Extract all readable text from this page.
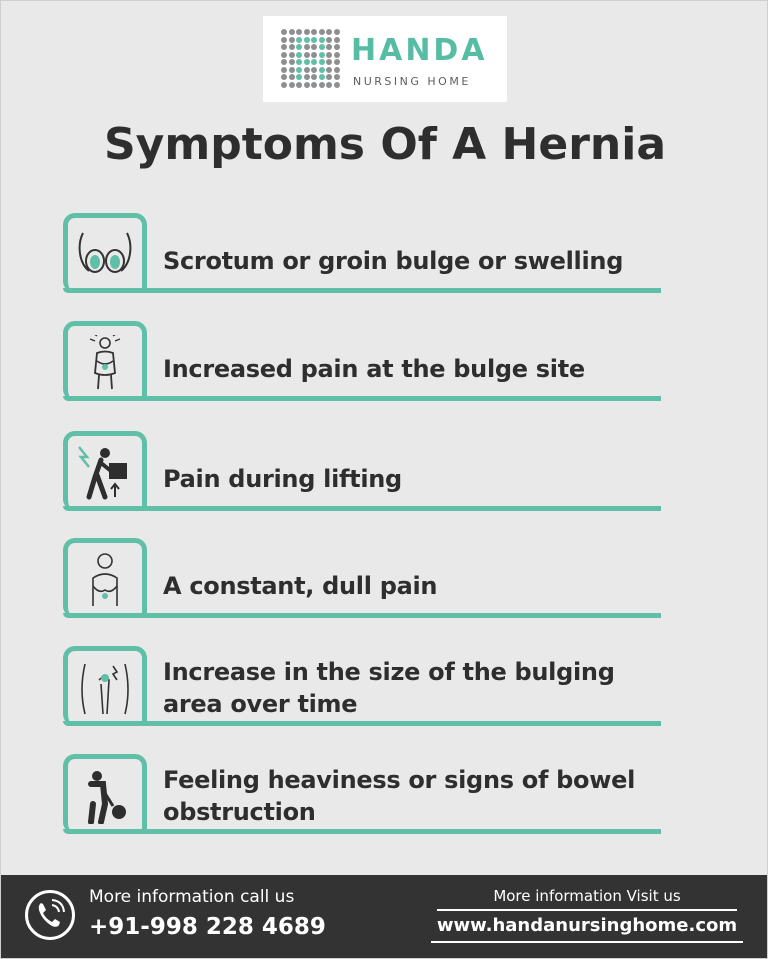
HANDA
NURSING HOME
Symptoms Of A Hernia
Scrotum or groin bulge or swelling
Increased pain at the bulge site
Pain during lifting
A constant, dull pain
Increase in the size of the bulging area over time
Feeling heaviness or signs of bowel obstruction
More information call us
+91-998 228 4689
More information Visit us
www.handanursinghome.com
